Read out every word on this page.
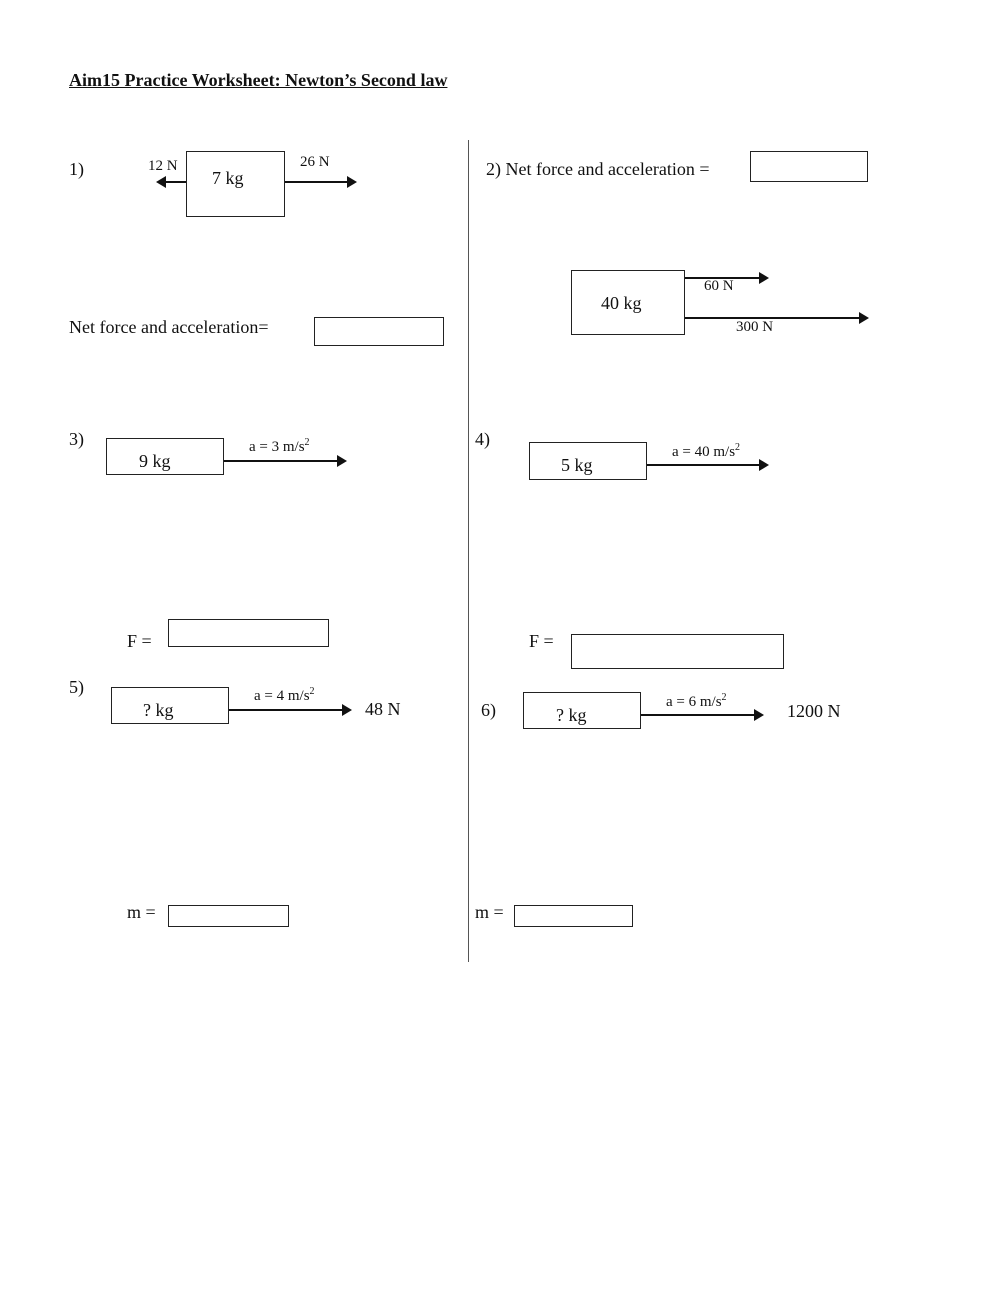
Aim15 Practice Worksheet: Newton’s Second law
1)	12 N
7 kg
26 N
Net force and acceleration=
2) Net force and acceleration =
40 kg
60 N
300 N
3)
9 kg
a = 3 $m/s^2$
F =
4)
5 kg
a = 40 $m/s^2$
F =
5)
? kg
a = 4 $m/s^2$
48 N
m =
6)	? kg
a = 6 $m/s^2$
1200 N
m =
